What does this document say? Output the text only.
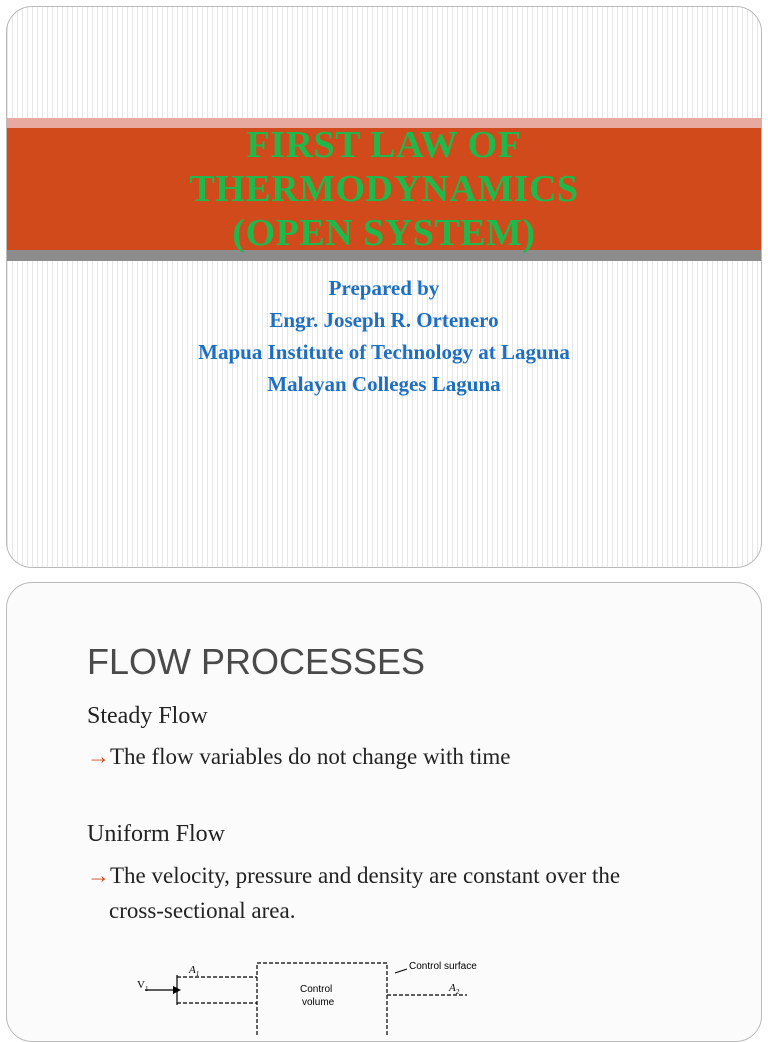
FIRST LAW OF
THERMODYNAMICS
(OPEN SYSTEM)
Prepared by
Engr. Joseph R. Ortenero
Mapua Institute of Technology at Laguna
Malayan Colleges Laguna
FLOW PROCESSES
Steady Flow
→The flow variables do not change with time
Uniform Flow
→The velocity, pressure and density are constant over the
cross-sectional area.
$V_1$
$A_1$
Control surface
Control
volume
$A_2$
